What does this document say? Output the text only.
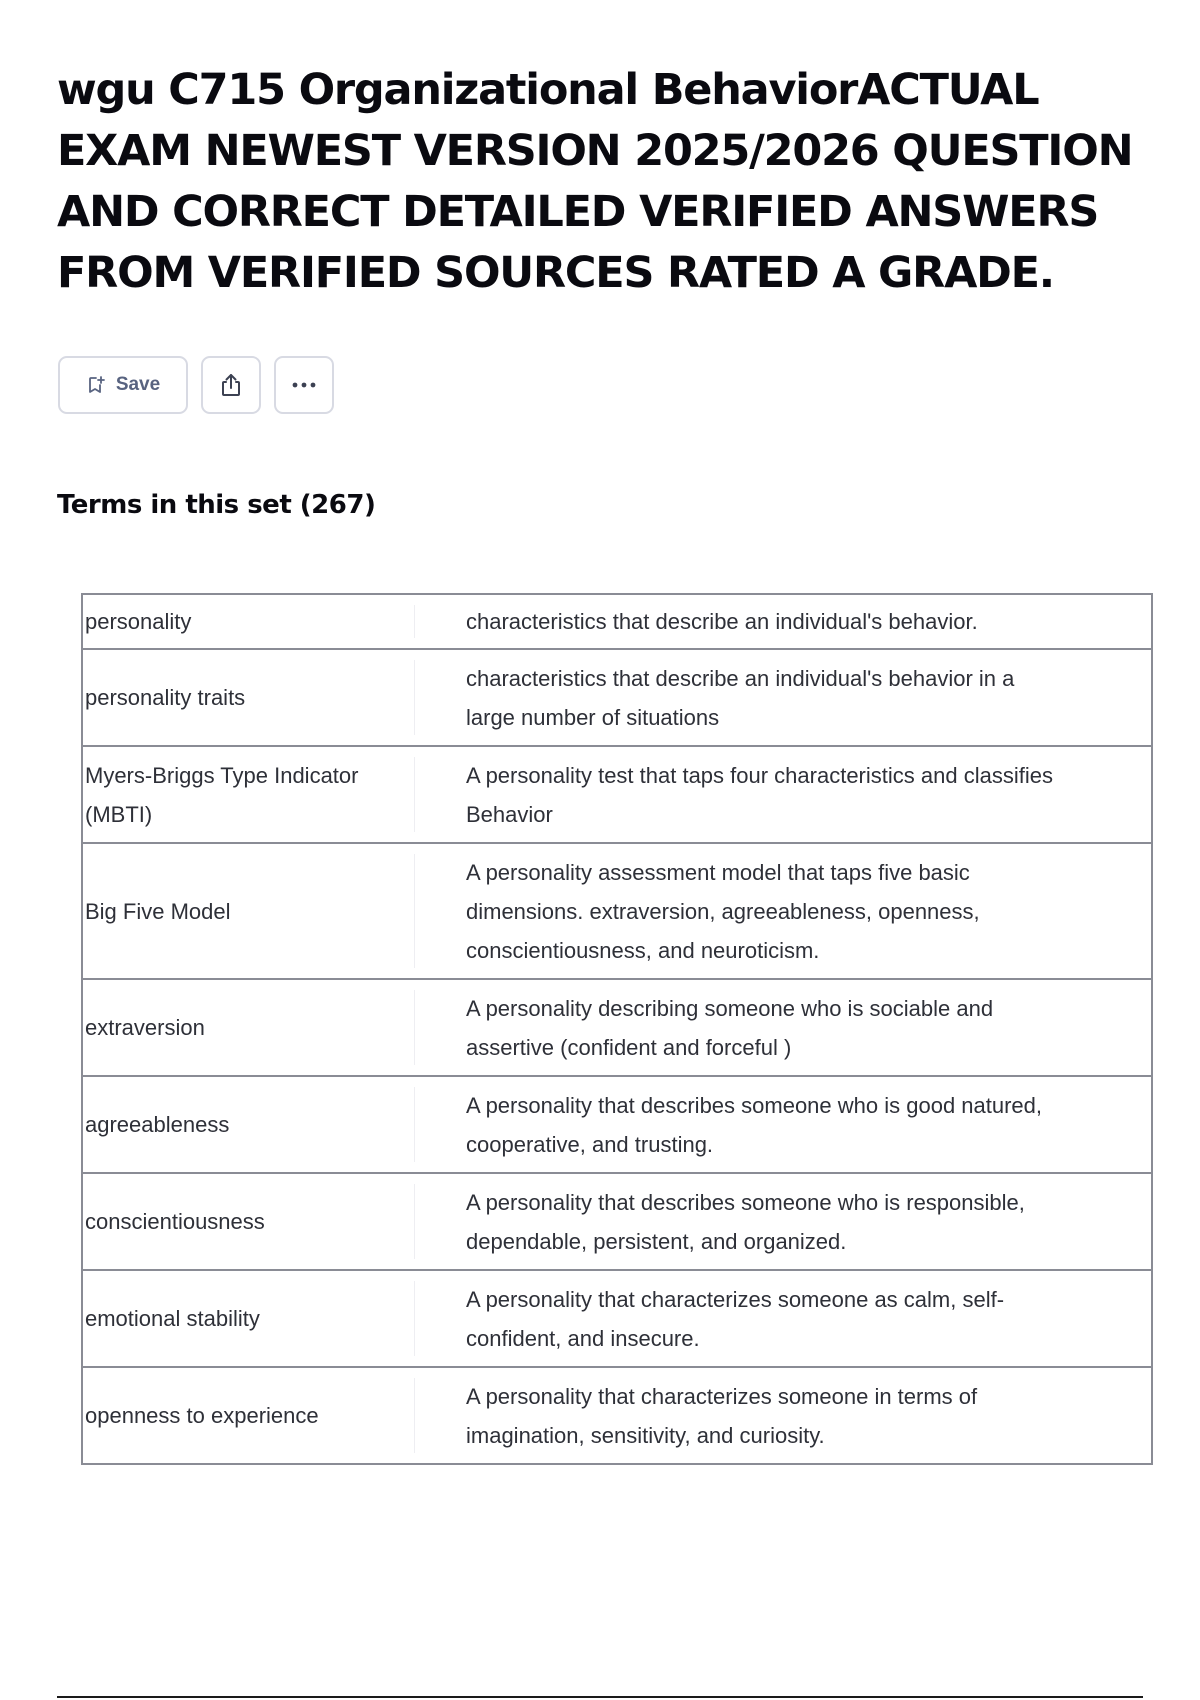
wgu C715 Organizational BehaviorACTUAL EXAM NEWEST VERSION 2025/2026 QUESTION AND CORRECT DETAILED VERIFIED ANSWERS FROM VERIFIED SOURCES RATED A GRADE.
Save
Terms in this set (267)
personality	characteristics that describe an individual's behavior.
personality traits	characteristics that describe an individual's behavior in a large number of situations
Myers-Briggs Type Indicator (MBTI)	A personality test that taps four characteristics and classifies Behavior
Big Five Model	A personality assessment model that taps five basic dimensions. extraversion, agreeableness, openness, conscientiousness, and neuroticism.
extraversion	A personality describing someone who is sociable and assertive (confident and forceful )
agreeableness	A personality that describes someone who is good natured, cooperative, and trusting.
conscientiousness	A personality that describes someone who is responsible, dependable, persistent, and organized.
emotional stability	A personality that characterizes someone as calm, self-confident, and insecure.
openness to experience	A personality that characterizes someone in terms of imagination, sensitivity, and curiosity.
